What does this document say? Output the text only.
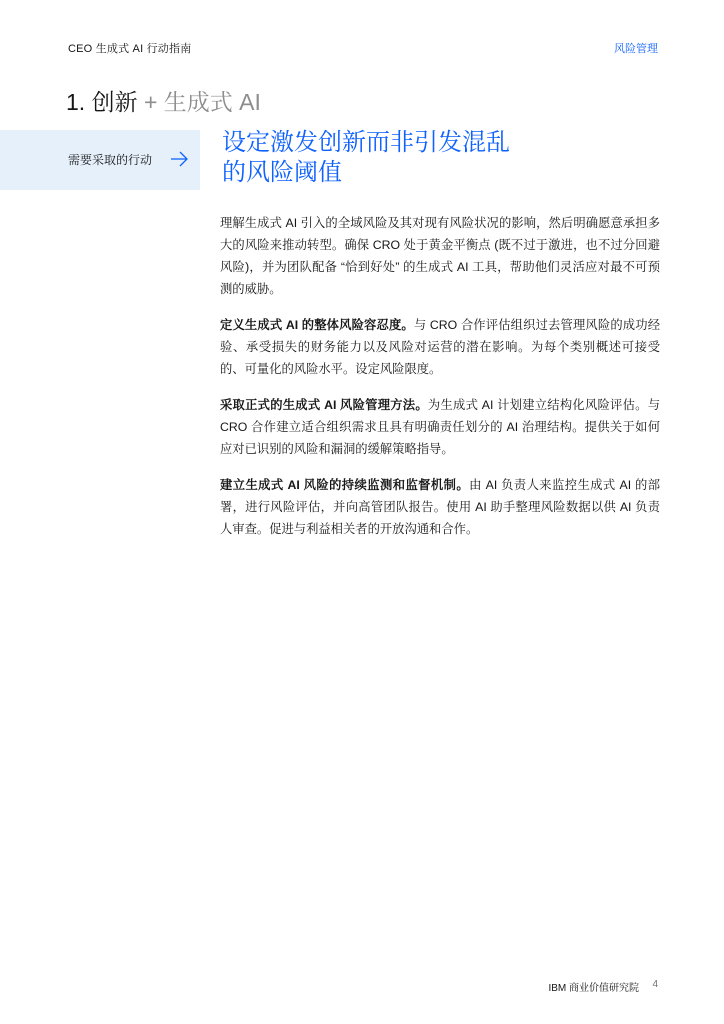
CEO 生成式 AI 行动指南	风险管理
1. 创新 + 生成式 AI
需要采取的行动
设定激发创新而非引发混乱
的风险阈值

理解生成式 AI 引入的全域风险及其对现有风险状况的影响，然后明确愿意承担多大的风险来推动转型。确保 CRO 处于黄金平衡点 (既不过于激进，也不过分回避风险)，并为团队配备 “恰到好处” 的生成式 AI 工具，帮助他们灵活应对最不可预测的威胁。

定义生成式 AI 的整体风险容忍度。与 CRO 合作评估组织过去管理风险的成功经验、承受损失的财务能力以及风险对运营的潜在影响。为每个类别概述可接受的、可量化的风险水平。设定风险限度。

采取正式的生成式 AI 风险管理方法。为生成式 AI 计划建立结构化风险评估。与 CRO 合作建立适合组织需求且具有明确责任划分的 AI 治理结构。提供关于如何应对已识别的风险和漏洞的缓解策略指导。

建立生成式 AI 风险的持续监测和监督机制。由 AI 负责人来监控生成式 AI 的部署，进行风险评估，并向高管团队报告。使用 AI 助手整理风险数据以供 AI 负责人审查。促进与利益相关者的开放沟通和合作。

IBM 商业价值研究院 4
